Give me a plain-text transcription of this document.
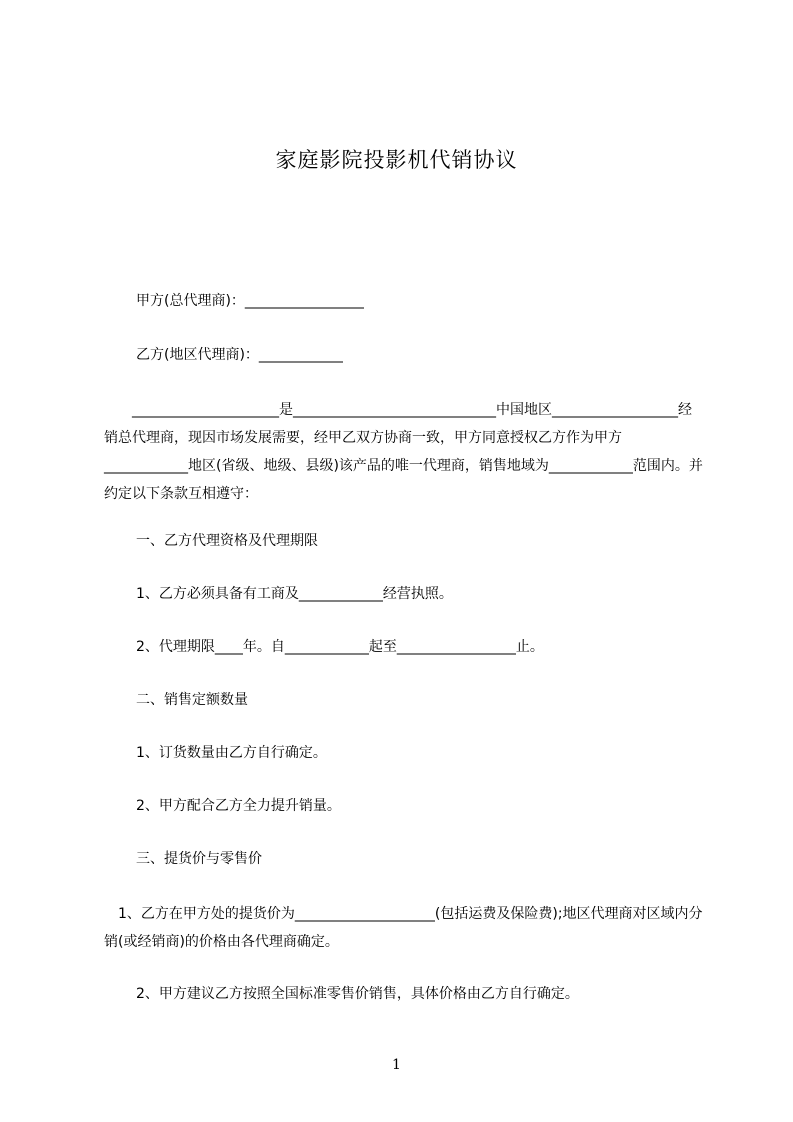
家庭影院投影机代销协议
甲方(总代理商)：_________________
乙方(地区代理商)：____________
　　_____________________是_____________________________中国地区__________________经销总代理商，现因市场发展需要，经甲乙双方协商一致，甲方同意授权乙方作为甲方____________地区(省级、地级、县级)该产品的唯一代理商，销售地域为____________范围内。并约定以下条款互相遵守：
一、乙方代理资格及代理期限
1、乙方必须具备有工商及____________经营执照。
2、代理期限____年。自____________起至_________________止。
二、销售定额数量
1、订货数量由乙方自行确定。
2、甲方配合乙方全力提升销量。
三、提货价与零售价
　1、乙方在甲方处的提货价为____________________(包括运费及保险费);地区代理商对区域内分销(或经销商)的价格由各代理商确定。
2、甲方建议乙方按照全国标准零售价销售，具体价格由乙方自行确定。
1
